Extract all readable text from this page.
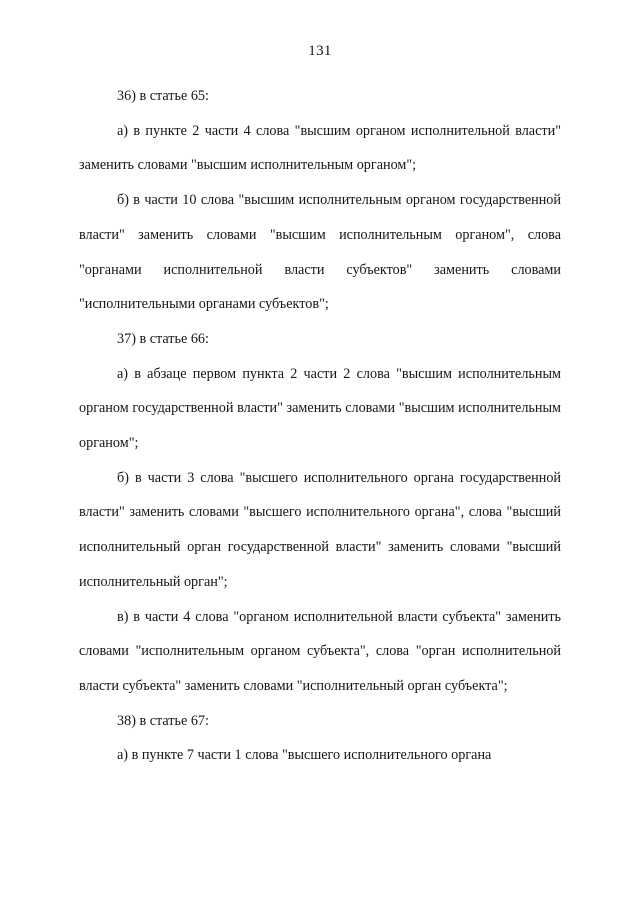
131

36) в статье 65:

а) в пункте 2 части 4 слова "высшим органом исполнительной власти" заменить словами "высшим исполнительным органом";

б) в части 10 слова "высшим исполнительным органом государственной власти" заменить словами "высшим исполнительным органом", слова "органами исполнительной власти субъектов" заменить словами "исполнительными органами субъектов";

37) в статье 66:

а) в абзаце первом пункта 2 части 2 слова "высшим исполнительным органом государственной власти" заменить словами "высшим исполнительным органом";

б) в части 3 слова "высшего исполнительного органа государственной власти" заменить словами "высшего исполнительного органа", слова "высший исполнительный орган государственной власти" заменить словами "высший исполнительный орган";

в) в части 4 слова "органом исполнительной власти субъекта" заменить словами "исполнительным органом субъекта", слова "орган исполнительной власти субъекта" заменить словами "исполнительный орган субъекта";

38) в статье 67:

а) в пункте 7 части 1 слова "высшего исполнительного органа
